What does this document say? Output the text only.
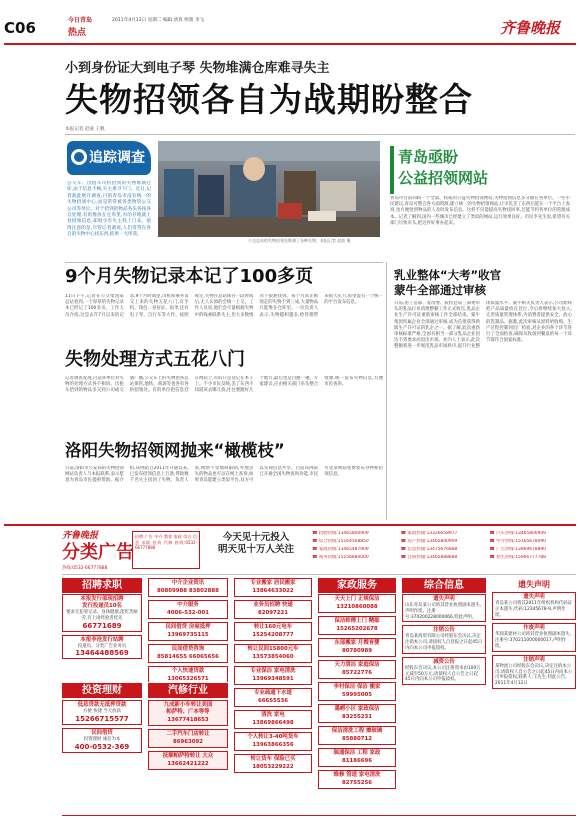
C06	今日青岛
热点
2011年4月12日 星期二 编辑 唐真 组版 李飞	齐鲁晚报
小到身份证大到电子琴 失物堆满仓库难寻失主
失物招领各自为战期盼整合
本报记者 赵波 王帆
追踪调查
公交车、出租车司机拾到的失物堆满仓库,由于信息不畅,失主难寻下门。近日,记者就此展开调查,目前青岛市没有统一的失物招领中心,而是常常被各类物管公交公司等单位。对于拾到的物品各头各按各自处理,有的堆放在仓库里,有的存地就上登招领信息,却很少有失主找上门来。值得注意的是,尽管记者调查,人们常常在各自的失物中心找东西,结果一无所获。
公交总站的失物招领处堆满了各种失物。本报记者 赵波 摄
青岛亟盼
公益招领网站
青岛市目前尚缺一个全面、权威的公益失物招领网站,失物招领信息多分散在各单位。一些市民建议,青岛可整合各方面资源,建立统一的失物招领网站,让市民丢了东西后能在一个平台上查询,也方便拾到物品的人及时发布信息。这样不仅能提高失物找回率,还能节约各单位的管理成本。记者了解到,国内一些城市已经建立了类似的网站,运行效果良好。市民李先生说,希望有关部门尽快牵头,把这件好事办起来。
9个月失物记录本记了100多页
11日下午,记者在公交集团某总站看到,一个厚厚的失物记录本已经记了100多页。工作人员介绍,这是去年7月以来的记录,9个月时间里,司机和乘务员交上来的失物五花八门,有手机、钱包、身份证、雨伞,还有电子琴、自行车等大件。按照规定,失物在总站保存一段时间后,无人认领的会统一上交。工作人员说,他们会尽量根据失物中的线索联系失主,但大多数情况下很难找到。每个月真正被领走的失物不到三成,大量物品只能堆在仓库里。一位负责人表示,失物越积越多,给管理带来很大压力,希望能有一个统一的平台发布信息。
失物处理方式五花八门
记者调查发现,目前各单位对失物的处理方式各不相同。出租车拾到的物品多交到公司或交通广播,公交车上的失物由各总站保管,地铁、商场等也各有各的招领处。有的单位把信息挂在网站上,有的只是登记在本子上。不少市民反映,丢了东西不知道该去哪儿找,往往要跑好几个地方,最后也是白跑一趟。专家建议,应由相关部门牵头整合资源,统一发布失物信息,方便市民查询。
洛阳失物招领网抛来“橄榄枝”
日前,洛阳市公安局的失物招领网站负责人与本报联系,表示愿意为青岛市民提供帮助。据介绍,该网站自2011年开通以来,已发布招领信息上万条,帮助数千名失主找回了失物。负责人说,网络不受地域限制,外地丢失的物品也可以在网上查询,如果青岛能建立类似平台,双方可以实现信息共享。目前该网站已开通全国失物查询功能,市民可登录网站免费发布寻物和招领信息。
乳业整体“大考”收官
蒙牛全部通过审核
日前,由工信部、发改委、质检总局三部委牵头的乳品行业清理整顿工作正式收官,乳品企业生产许可证重新审核工作全部结束。蒙牛集团所属企业全部通过审核,成为首批获得新版生产许可证的乳企之一。据了解,此次重新审核标准严格,全国有相当一部分乳品企业因达不到要求而退出市场。业内人士表示,此次整顿将进一步规范乳品市场秩序,提升行业整体质量水平。蒙牛相关负责人表示,公司始终把产品质量放在首位,今后将继续加大投入,完善质量管理体系,为消费者提供安全、放心的乳制品。据悉,此次审核从原料奶收购、生产过程控制到出厂检验,对企业的各个环节进行了全面检查,确保从牧场到餐桌的每一个环节都符合国家标准。
齐鲁晚报
分类广告
热线:0532-66777888
招聘 广告 中介 教育 家政 综合 信息 求职 投资 汽修 热线:0532-66777888
今天见十元投入
明天见十万人关注
☎ 招聘热线:13465800909	☎ 家政热线:13326658977	☎ 汽车热线:13465800909
☎ 综合热线:15164568850	☎ 房产热线:13465800909	☎ 中介热线:15165678090
☎ 家政热线:13465487909	☎ 信息热线:13475676888	☎ 广告热线:13869678890
☎ 商务热线:15156880000	☎ 注册热线:13465888888	☎ 招生热线:15966777788
招聘求职
本报发行部现招聘
发行投递员10名
要求无犯罪记录、身体健康,能吃苦耐劳,有上岗经验者优先
66771689
本报李沧发行站聘
投递员、分类广告业务员
13464488569
投资理财
低息贷款无抵押贷款
方便 快捷 当天放款
15266715577
民间借贷
投资理财 诚信为本
400-0532-369
中介企业资讯
80809988 83802888
中介服务
4006-532-001
民间借贷 房屋抵押
13969735115
民间借贷咨询
85814655 66065656
个人快速贷款
13065326571
汽修行业
九成新小车转让美国
帕萨特、广本等等
13677418653
二手汽车门店转让
86963092
抚顺帕萨特转让 大众
13662421222
专业搬家 居民搬家
13864633022
业务员招聘 快递
82097221
转让160元电车
15254208777
转让民间15800元车
13573854060
专业保洁 家电清洗
13969348591
专业疏通下水道
66655536
清洗 家电
13869866498
个人转让3-40吨货车
13963866356
转让货车 保险已买
18053229222
家政服务
天天上门 正规保洁
13210860088
保洁师傅上门 精细
15265202678
东部搬家 月嫂育婴
80780989
天力清洁 家庭保洁
85722776
李村保洁 保洁 搬家
59995005
墨崂小区 家政保洁
83255231
保洁清洗工程 擦玻璃
85880712
瑞通保洁 工程 家政
81186696
维修 管道 家电清洗
82755256
综合信息
遗失声明
山东青岛某公司将其营业执照副本遗失,声明作废。注册号:370200228000066,特此声明。
注销公告
青岛某商贸有限公司经股东会决议,决定注销本公司,请债权人自登报之日起45日内向本公司申报债权。
减资公告
经股东会决议,本公司注册资本由100万元减至50万元,请债权人自公告之日起45日内向本公司申报债权。
遗失声明
遗失声明
青岛某公司将其2011年组织机构代码证正本遗失,代码:12345678-9,声明作废。
作废声明
华润某建材公司将其营业执照副本遗失,注册号:370211000000017,声明作废。
注销声明
某物流公司经股东会决议,决定注销本公司,请债权人自公告之日起45日内向本公司申报债权,联系人:王先生,特此公告。2011年4月12日
